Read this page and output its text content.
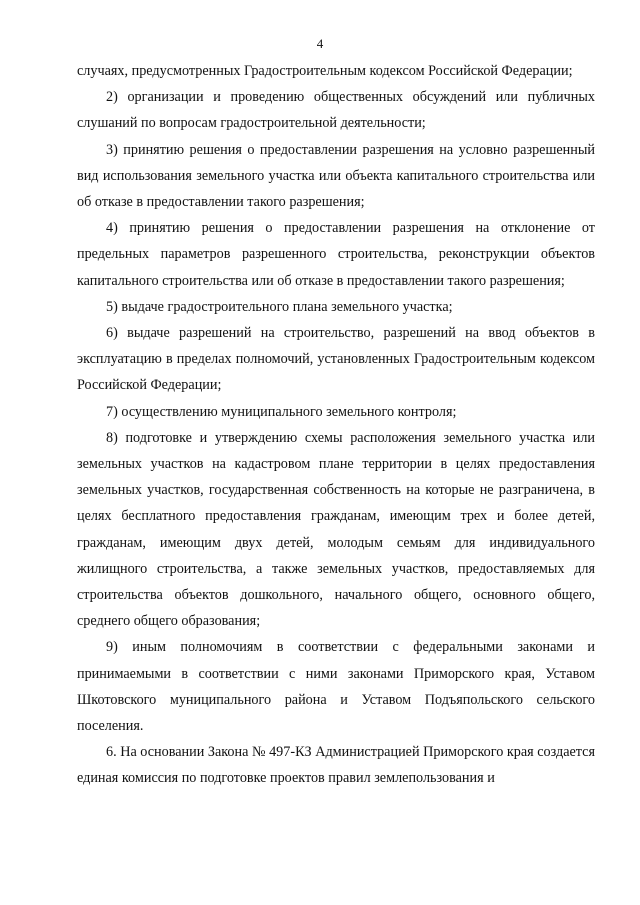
4

случаях, предусмотренных Градостроительным кодексом Российской Федерации;

2) организации и проведению общественных обсуждений или публичных слушаний по вопросам градостроительной деятельности;

3) принятию решения о предоставлении разрешения на условно разрешенный вид использования земельного участка или объекта капитального строительства или об отказе в предоставлении такого разрешения;

4) принятию решения о предоставлении разрешения на отклонение от предельных параметров разрешенного строительства, реконструкции объектов капитального строительства или об отказе в предоставлении такого разрешения;

5) выдаче градостроительного плана земельного участка;

6) выдаче разрешений на строительство, разрешений на ввод объектов в эксплуатацию в пределах полномочий, установленных Градостроительным кодексом Российской Федерации;

7) осуществлению муниципального земельного контроля;

8) подготовке и утверждению схемы расположения земельного участка или земельных участков на кадастровом плане территории в целях предоставления земельных участков, государственная собственность на которые не разграничена, в целях бесплатного предоставления гражданам, имеющим трех и более детей, гражданам, имеющим двух детей, молодым семьям для индивидуального жилищного строительства, а также земельных участков, предоставляемых для строительства объектов дошкольного, начального общего, основного общего, среднего общего образования;

9) иным полномочиям в соответствии с федеральными законами и принимаемыми в соответствии с ними законами Приморского края, Уставом Шкотовского муниципального района и Уставом Подъяпольского сельского поселения.

6. На основании Закона № 497-КЗ Администрацией Приморского края создается единая комиссия по подготовке проектов правил землепользования и
